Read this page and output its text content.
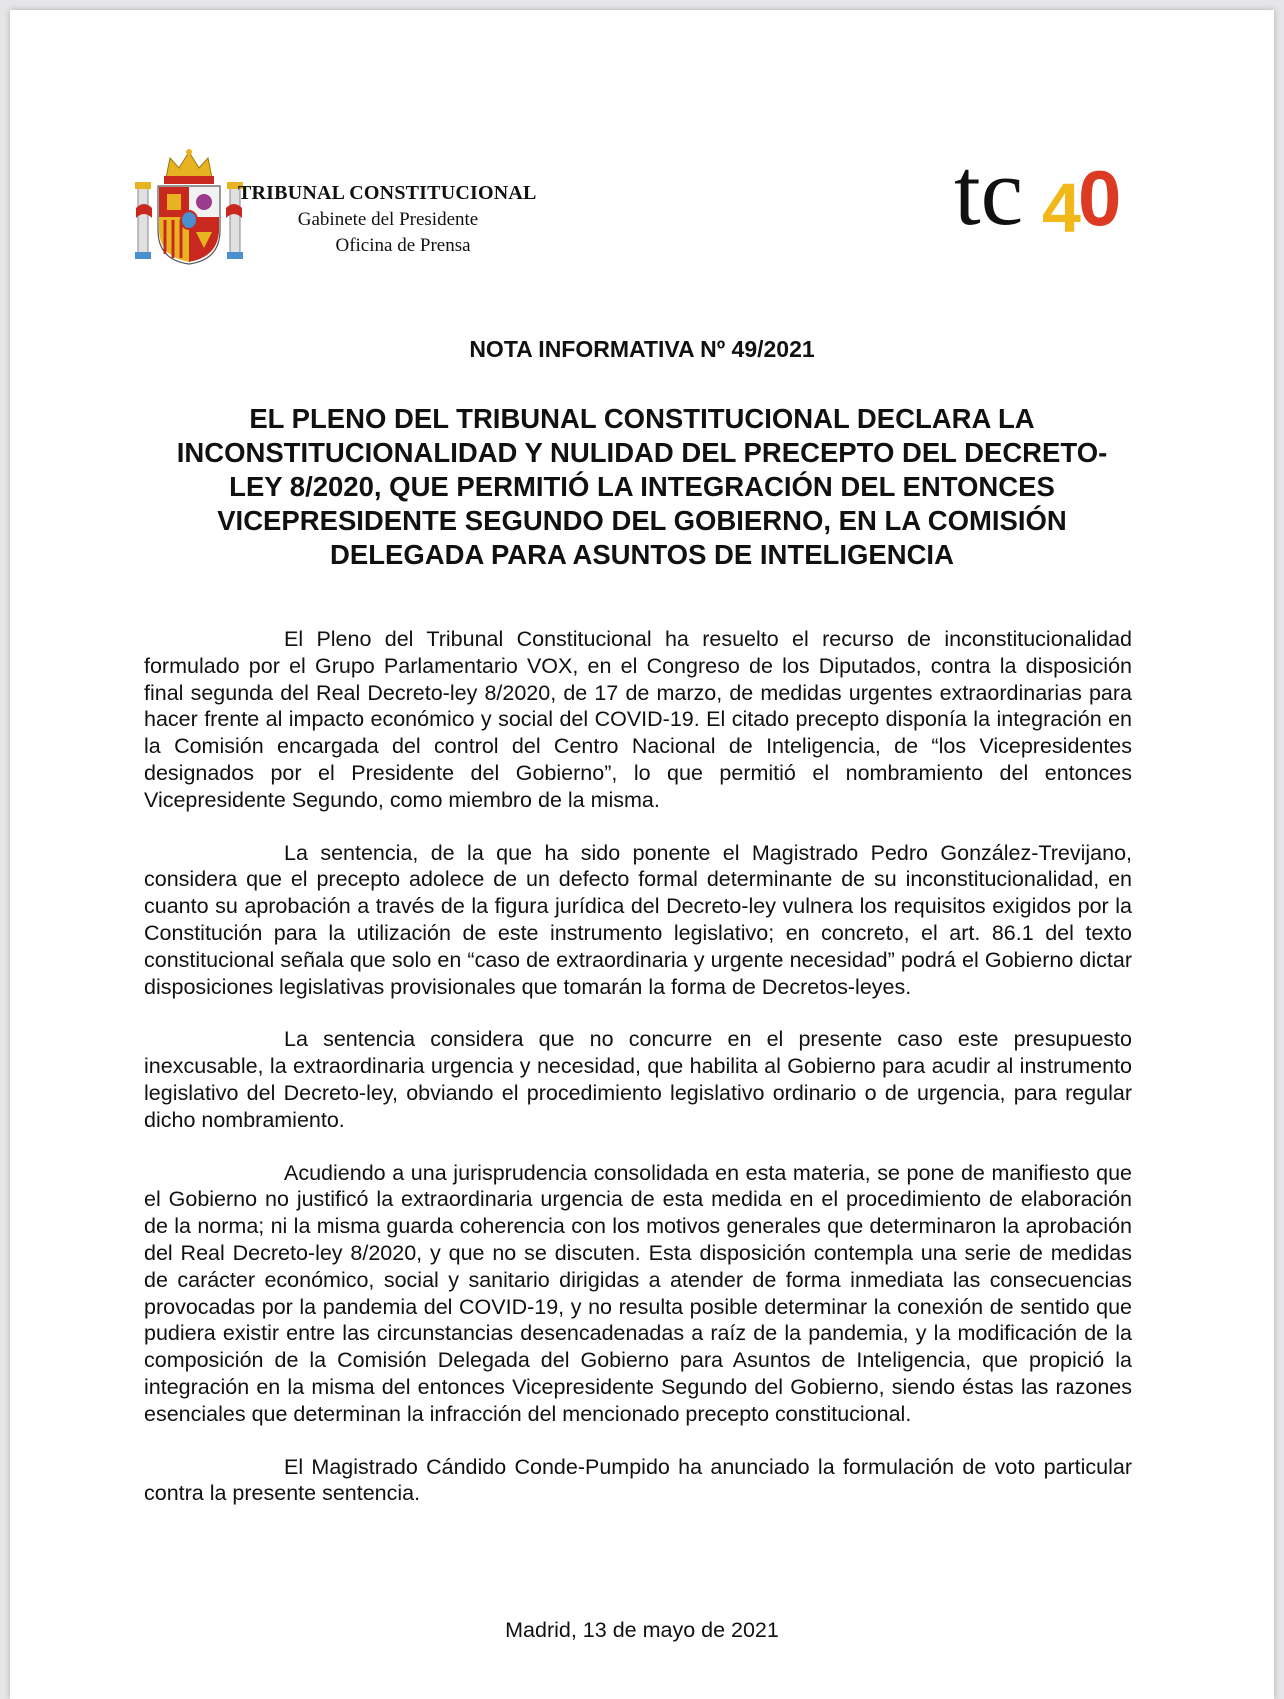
TRIBUNAL CONSTITUCIONAL
Gabinete del Presidente
Oficina de Prensa
tc 4
0
NOTA INFORMATIVA Nº 49/2021
EL PLENO DEL TRIBUNAL CONSTITUCIONAL DECLARA LA INCONSTITUCIONALIDAD Y NULIDAD DEL PRECEPTO DEL DECRETO-LEY 8/2020, QUE PERMITIÓ LA INTEGRACIÓN DEL ENTONCES VICEPRESIDENTE SEGUNDO DEL GOBIERNO, EN LA COMISIÓN DELEGADA PARA ASUNTOS DE INTELIGENCIA

El Pleno del Tribunal Constitucional ha resuelto el recurso de inconstitucionalidad formulado por el Grupo Parlamentario VOX, en el Congreso de los Diputados, contra la disposición final segunda del Real Decreto-ley 8/2020, de 17 de marzo, de medidas urgentes extraordinarias para hacer frente al impacto económico y social del COVID-19. El citado precepto disponía la integración en la Comisión encargada del control del Centro Nacional de Inteligencia, de “los Vicepresidentes designados por el Presidente del Gobierno”, lo que permitió el nombramiento del entonces Vicepresidente Segundo, como miembro de la misma.

La sentencia, de la que ha sido ponente el Magistrado Pedro González-Trevijano, considera que el precepto adolece de un defecto formal determinante de su inconstitucionalidad, en cuanto su aprobación a través de la figura jurídica del Decreto-ley vulnera los requisitos exigidos por la Constitución para la utilización de este instrumento legislativo; en concreto, el art. 86.1 del texto constitucional señala que solo en “caso de extraordinaria y urgente necesidad” podrá el Gobierno dictar disposiciones legislativas provisionales que tomarán la forma de Decretos-leyes.

La sentencia considera que no concurre en el presente caso este presupuesto inexcusable, la extraordinaria urgencia y necesidad, que habilita al Gobierno para acudir al instrumento legislativo del Decreto-ley, obviando el procedimiento legislativo ordinario o de urgencia, para regular dicho nombramiento.

Acudiendo a una jurisprudencia consolidada en esta materia, se pone de manifiesto que el Gobierno no justificó la extraordinaria urgencia de esta medida en el procedimiento de elaboración de la norma; ni la misma guarda coherencia con los motivos generales que determinaron la aprobación del Real Decreto-ley 8/2020, y que no se discuten. Esta disposición contempla una serie de medidas de carácter económico, social y sanitario dirigidas a atender de forma inmediata las consecuencias provocadas por la pandemia del COVID-19, y no resulta posible determinar la conexión de sentido que pudiera existir entre las circunstancias desencadenadas a raíz de la pandemia, y la modificación de la composición de la Comisión Delegada del Gobierno para Asuntos de Inteligencia, que propició la integración en la misma del entonces Vicepresidente Segundo del Gobierno, siendo éstas las razones esenciales que determinan la infracción del mencionado precepto constitucional.

El Magistrado Cándido Conde-Pumpido ha anunciado la formulación de voto particular contra la presente sentencia.

Madrid, 13 de mayo de 2021
